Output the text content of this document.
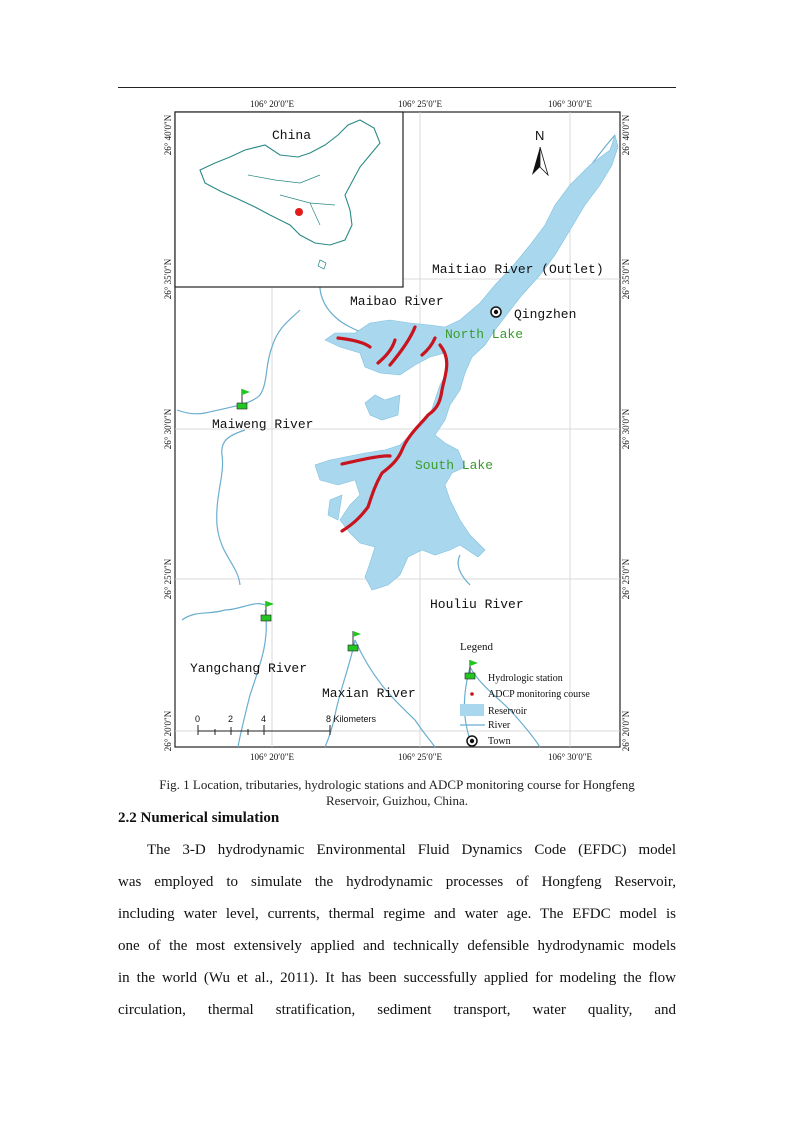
106° 20′0″E	106° 25′0″E	106° 30′0″E
106° 20′0″E	106° 25′0″E	106° 30′0″E
26° 40′0″N
26° 35′0″N
26° 30′0″N
26° 25′0″N
26° 20′0″N
26° 40′0″N
26° 35′0″N
26° 30′0″N
26° 25′0″N
26° 20′0″N
China	N
Maitiao River (Outlet)
Maibao River
Qingzhen
North Lake
Maiweng River
South Lake
Houliu River
Yangchang River
Maxian River
Legend
Hydrologic station
ADCP monitoring course
Reservoir
River
Town
0	2	4	8 Kilometers
Fig. 1 Location, tributaries, hydrologic stations and ADCP monitoring course for Hongfeng
Reservoir, Guizhou, China.
2.2 Numerical simulation

The 3-D hydrodynamic Environmental Fluid Dynamics Code (EFDC) model

was employed to simulate the hydrodynamic processes of Hongfeng Reservoir,

including water level, currents, thermal regime and water age. The EFDC model is

one of the most extensively applied and technically defensible hydrodynamic models

in the world (Wu et al., 2011). It has been successfully applied for modeling the flow

circulation, thermal stratification, sediment transport, water quality, and
